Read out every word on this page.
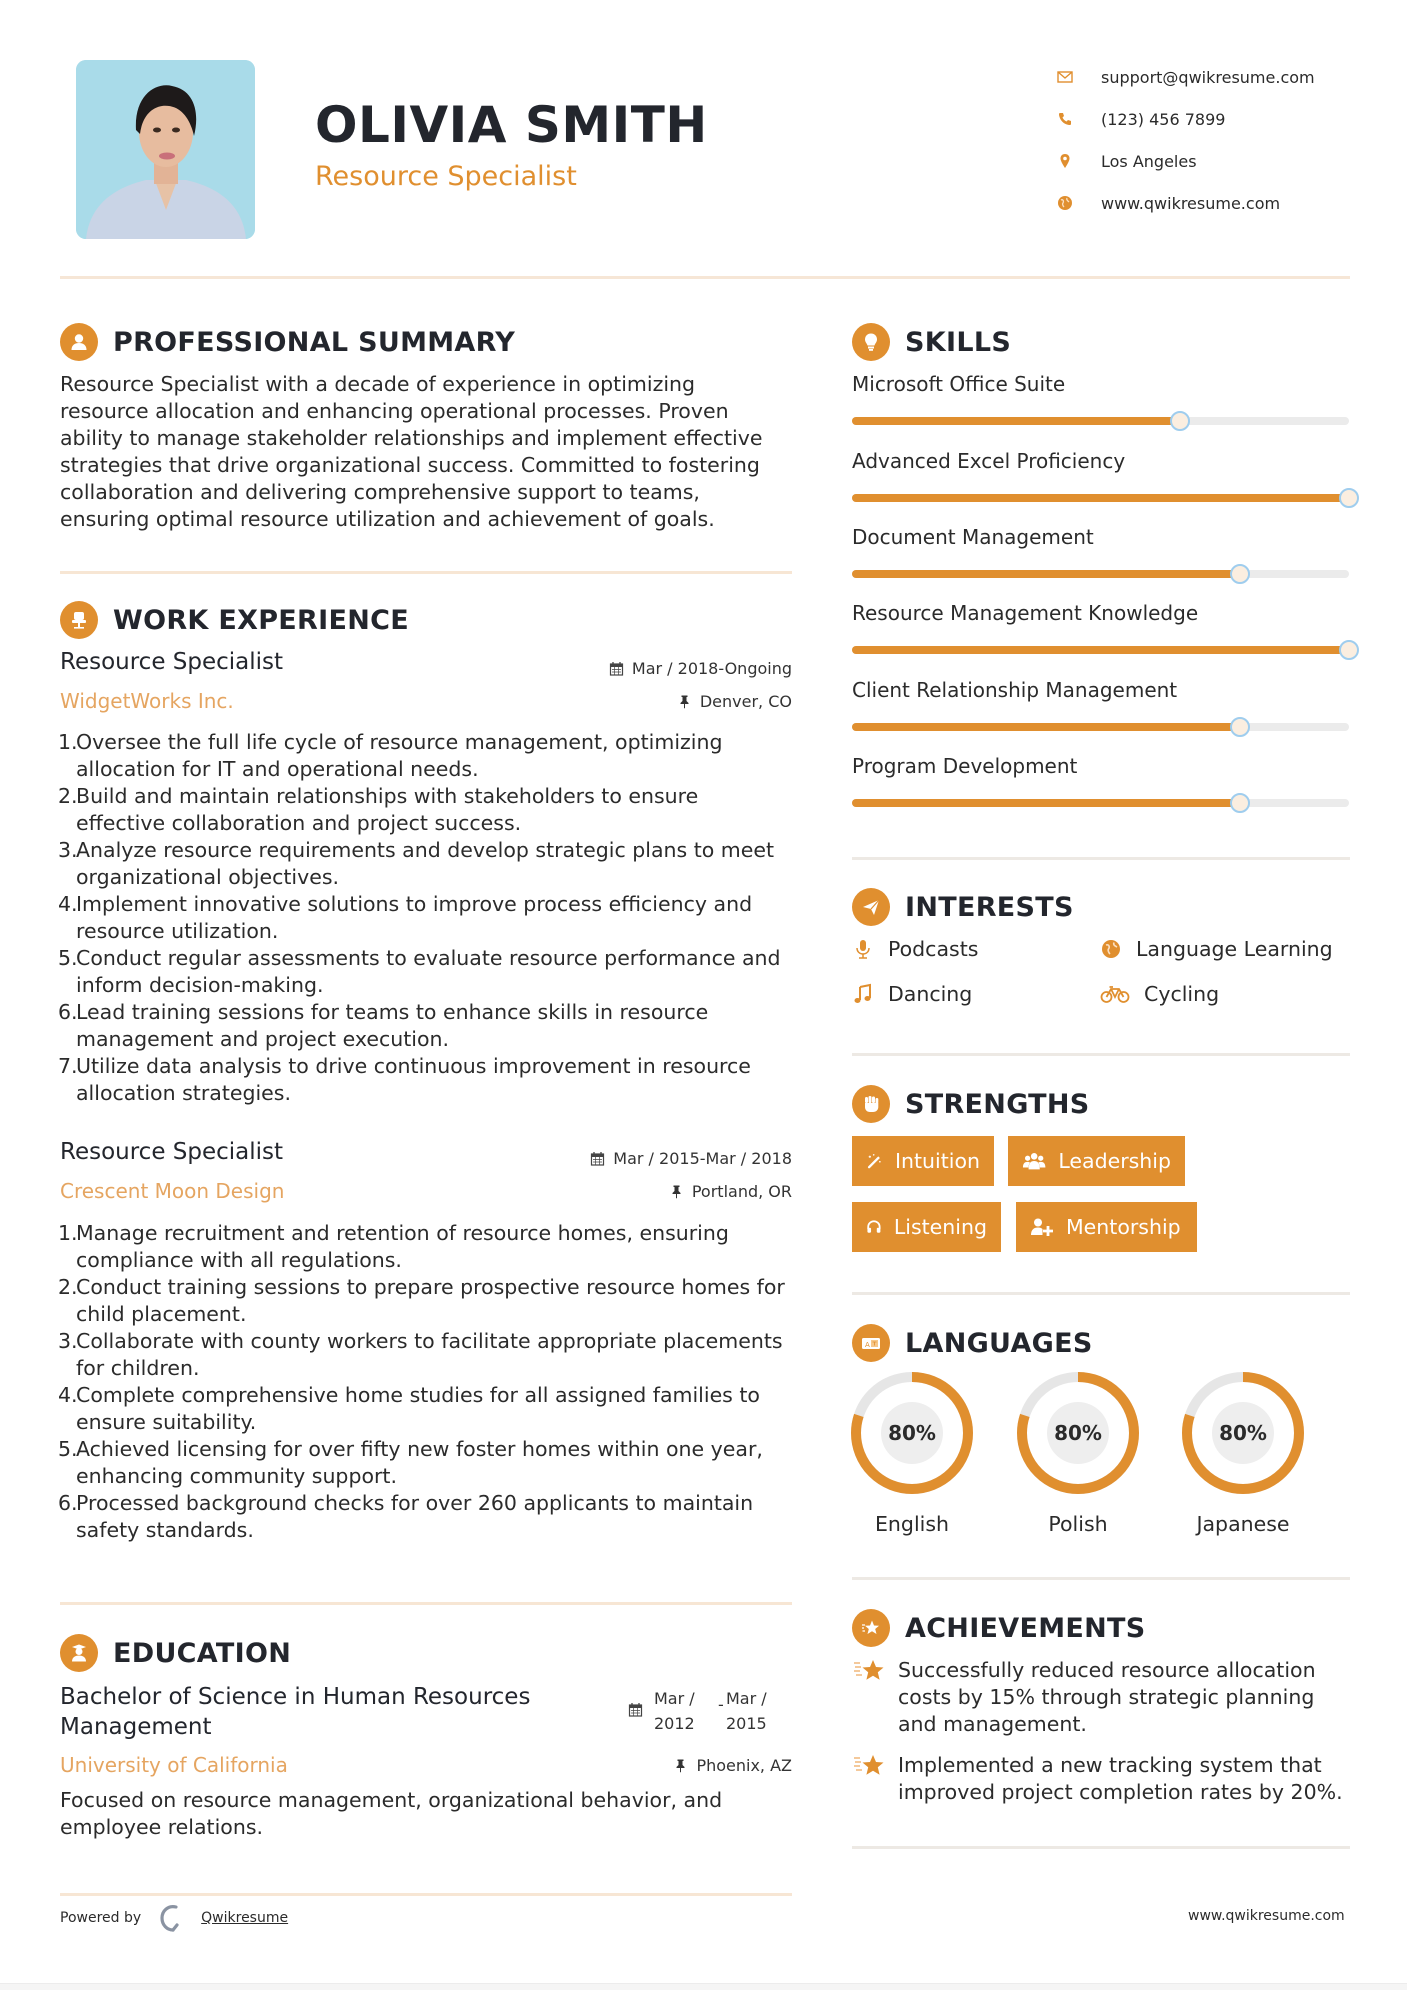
OLIVIA SMITH
Resource Specialist
support@qwikresume.com
(123) 456 7899
Los Angeles
www.qwikresume.com
PROFESSIONAL SUMMARY
Resource Specialist with a decade of experience in optimizing resource allocation and enhancing operational processes. Proven ability to manage stakeholder relationships and implement effective strategies that drive organizational success. Committed to fostering collaboration and delivering comprehensive support to teams, ensuring optimal resource utilization and achievement of goals.
WORK EXPERIENCE
Resource Specialist	Mar / 2018-Ongoing
WidgetWorks Inc.	Denver, CO
1.
Oversee the full life cycle of resource management, optimizing allocation for IT and operational needs.
2.
Build and maintain relationships with stakeholders to ensure effective collaboration and project success.
3.
Analyze resource requirements and develop strategic plans to meet organizational objectives.
4.
Implement innovative solutions to improve process efficiency and resource utilization.
5.
Conduct regular assessments to evaluate resource performance and inform decision-making.
6.
Lead training sessions for teams to enhance skills in resource management and project execution.
7.
Utilize data analysis to drive continuous improvement in resource allocation strategies.
Resource Specialist	Mar / 2015-Mar / 2018
Crescent Moon Design	Portland, OR
1.
Manage recruitment and retention of resource homes, ensuring compliance with all regulations.
2.
Conduct training sessions to prepare prospective resource homes for child placement.
3.
Collaborate with county workers to facilitate appropriate placements for children.
4.
Complete comprehensive home studies for all assigned families to ensure suitability.
5.
Achieved licensing for over fifty new foster homes within one year, enhancing community support.
6.
Processed background checks for over 260 applicants to maintain safety standards.
EDUCATION
Bachelor of Science in Human Resources Management
Mar /
2012
- Mar /
2015
University of California	Phoenix, AZ
Focused on resource management, organizational behavior, and employee relations.
SKILLS
Microsoft Office Suite
Advanced Excel Proficiency
Document Management
Resource Management Knowledge
Client Relationship Management
Program Development
INTERESTS
Podcasts	Language Learning
Dancing	Cycling
STRENGTHS
Intuition	Leadership
Listening	Mentorship
A LANGUAGES
80%
English
80%
Polish
80%
Japanese
ACHIEVEMENTS
Successfully reduced resource allocation costs by 15% through strategic planning and management.
Implemented a new tracking system that improved project completion rates by 20%.
Powered by	Qwikresume	www.qwikresume.com
